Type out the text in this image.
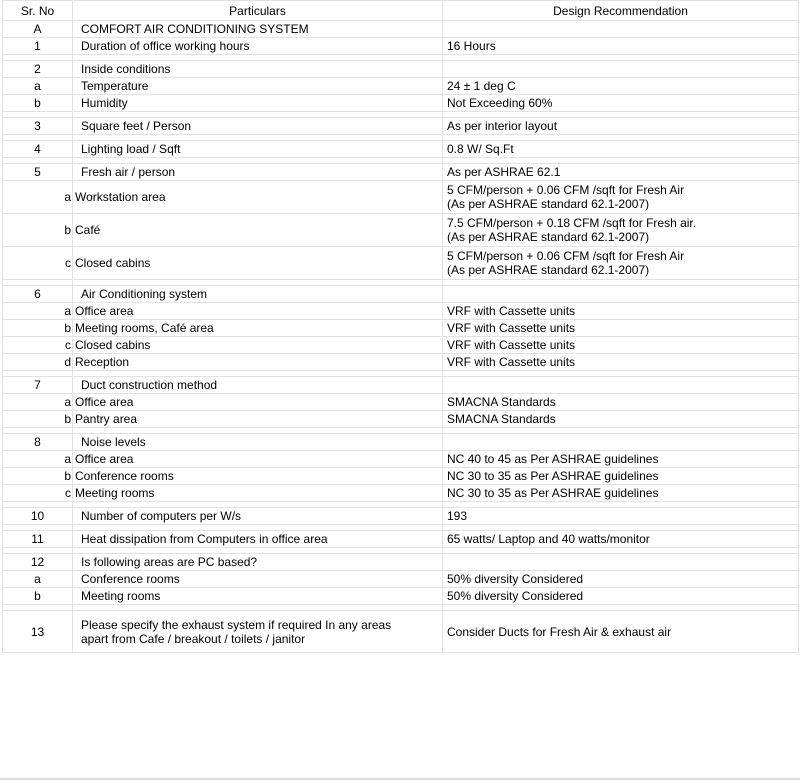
Sr. No	Particulars	Design Recommendation
A	COMFORT AIR CONDITIONING SYSTEM	

1	Duration of office working hours	16 Hours

2	Inside conditions	

a	Temperature	24 ± 1 deg C

b	Humidity	Not Exceeding 60%

3	Square feet / Person	As per interior layout

4	Lighting load / Sqft	0.8 W/ Sq.Ft

5	Fresh air / person	As per ASHRAE 62.1

a	Workstation area	5 CFM/person + 0.06 CFM /sqft for Fresh Air
(As per ASHRAE standard 62.1-2007)

b	Café	7.5 CFM/person + 0.18 CFM /sqft for Fresh air.
(As per ASHRAE standard 62.1-2007)

c	Closed cabins	5 CFM/person + 0.06 CFM /sqft for Fresh Air
(As per ASHRAE standard 62.1-2007)

6	Air Conditioning system	

a	Office area	VRF with Cassette units

b	Meeting rooms, Café area	VRF with Cassette units

c	Closed cabins	VRF with Cassette units

d	Reception	VRF with Cassette units

7	Duct construction method	

a	Office area	SMACNA Standards

b	Pantry area	SMACNA Standards

8	Noise levels	

a	Office area	NC 40 to 45 as Per ASHRAE guidelines

b	Conference rooms	NC 30 to 35 as Per ASHRAE guidelines

c	Meeting rooms	NC 30 to 35 as Per ASHRAE guidelines

10	Number of computers per W/s	193

11	Heat dissipation from Computers in office area	65 watts/ Laptop and 40 watts/monitor

12	Is following areas are PC based?	

a	Conference rooms	50% diversity Considered

b	Meeting rooms	50% diversity Considered

13	Please specify the exhaust system if required In any areas
apart from Cafe / breakout / toilets / janitor	Consider Ducts for Fresh Air & exhaust air
